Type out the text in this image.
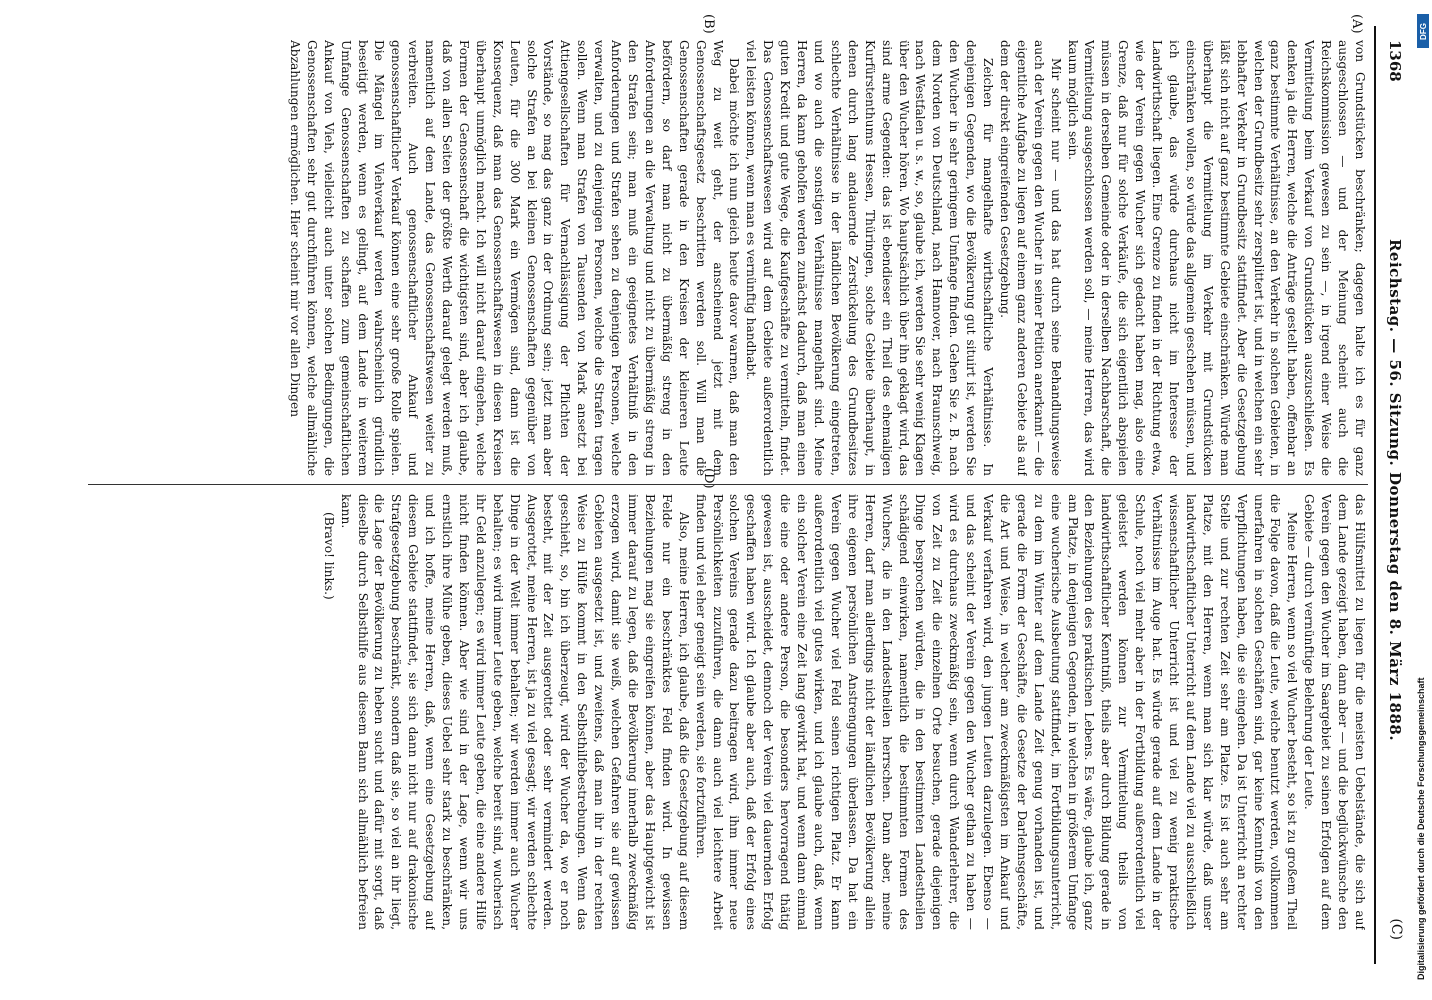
1368
Reichstag. — 56. Sitzung. Donnerstag den 8. März 1888.
(C)
(A)
(B)
(D)

von Grundstücken beschränken; dagegen halte ich es für ganz ausgeschlossen — und der Meinung scheint auch die Reichskommission gewesen zu sein —, in irgend einer Weise die Vermittelung beim Verkauf von Grundstücken auszuschließen. Es denken ja die Herren, welche die Anträge gestellt haben, offenbar an ganz bestimmte Verhältnisse, an den Verkehr in solchen Gebieten, in welchen der Grundbesitz sehr zersplittert ist, und in welchen ein sehr lebhafter Verkehr in Grundbesitz stattfindet. Aber die Gesetzgebung läßt sich nicht auf ganz bestimmte Gebiete einschränken. Würde man überhaupt die Vermittelung im Verkehr mit Grundstücken einschränken wollen, so würde das allgemein geschehen müssen, und ich glaube, das würde durchaus nicht im Interesse der Landwirthschaft liegen. Eine Grenze zu finden in der Richtung etwa, wie der Verein gegen Wucher sich gedacht haben mag, also eine Grenze, daß nur für solche Verkäufe, die sich eigentlich abspielen müssen in derselben Gemeinde oder in derselben Nachbarschaft, die Vermittelung ausgeschlossen werden soll, — meine Herren, das wird kaum möglich sein.

Mir scheint nur — und das hat durch seine Behandlungsweise auch der Verein gegen den Wucher in seiner Petition anerkannt — die eigentliche Aufgabe zu liegen auf einem ganz anderen Gebiete als auf dem der direkt eingreifenden Gesetzgebung.

Zeichen für mangelhafte wirthschaftliche Verhältnisse. In denjenigen Gegenden, wo die Bevölkerung gut situirt ist, werden Sie den Wucher in sehr geringem Umfange finden. Gehen Sie z. B. nach dem Norden von Deutschland, nach Hannover, nach Braunschweig, nach Westfalen u. s. w., so, glaube ich, werden Sie sehr wenig Klagen über den Wucher hören. Wo hauptsächlich über ihn geklagt wird, das sind arme Gegenden: das ist ebendieser ein Theil des ehemaligen Kurfürstenthums Hessen, Thüringen, solche Gebiete überhaupt, in denen durch lang andauernde Zerstückelung des Grundbesitzes schlechte Verhältnisse in der ländlichen Bevölkerung eingetreten, und wo auch die sonstigen Verhältnisse mangelhaft sind. Meine Herren, da kann geholfen werden zunächst dadurch, daß man einen guten Kredit und gute Wege, die Kaufgeschäfte zu vermitteln, findet. Das Genossenschaftswesen wird auf dem Gebiete außerordentlich viel leisten können, wenn man es vernünftig handhabt.

Dabei möchte ich nun gleich heute davor warnen, daß man den Weg zu weit geht, der anscheinend jetzt mit dem Genossenschaftsgesetz beschritten werden soll. Will man die Genossenschaften gerade in den Kreisen der kleineren Leute befördern, so darf man nicht zu übermäßig streng in den Anforderungen an die Verwaltung und nicht zu übermäßig streng in den Strafen sein; man muß ein geeignetes Verhältniß in den Anforderungen und Strafen sehen zu denjenigen Personen, welche verwalten, und zu denjenigen Personen, welche die Strafen tragen sollen. Wenn man Strafen von Tausenden von Mark ansetzt bei Attiengesellschaften für Vernachlässigung der Pflichten der Vorstände, so mag das ganz in der Ordnung sein; jetzt man aber solche Strafen an bei kleinen Genossenschaften gegenüber von Leuten, für die 300 Mark ein Vermögen sind, dann ist die Konsequenz, daß man das Genossenschaftswesen in diesen Kreisen überhaupt unmöglich macht. Ich will nicht darauf eingehen, welche Formen der Genossenschaft die wichtigsten sind, aber ich glaube, daß von allen Seiten der größte Werth darauf gelegt werden muß, namentlich auf dem Lande, das Genossenschaftswesen weiter zu verbreiten. Auch genossenschaftlicher Ankauf und genossenschaftlicher Verkauf können eine sehr große Rolle spielen. Die Mängel im Viehverkauf werden wahrscheinlich gründlich beseitigt werden, wenn es gelingt, auf dem Lande in weiterem Umfange Genossenschaften zu schaffen zum gemeinschaftlichen Ankauf von Vieh, vielleicht auch unter solchen Bedingungen, die Genossenschaften sehr gut durchführen können, welche allmähliche Abzahlungen ermöglichen. Hier scheint mir vor allen Dingen

das Hülfsmittel zu liegen für die meisten Uebelstände, die sich auf dem Lande gezeigt haben, dann aber — und die beglückwünsche den Verein gegen den Wucher im Saargebiet zu seinen Erfolgen auf dem Gebiete — durch vernünftige Belehrung der Leute.

Meine Herren, wenn so viel Wucher besteht, so ist zu großem Theil die Folge davon, daß die Leute, welche benutzt werden, vollkommen unerfahren in solchen Geschäften sind, gar keine Kenntniß von den Verpflichtungen haben, die sie eingehen. Da ist Unterricht an rechter Stelle und zur rechten Zeit sehr am Platze. Es ist auch sehr am Platze, mit den Herren, wenn man sich klar würde, daß unser landwirthschaftlicher Unterricht auf dem Lande viel zu ausschließlich wissenschaftlicher Unterricht ist und viel zu wenig praktische Verhältnisse im Auge hat. Es würde gerade auf dem Lande in der Schule, noch viel mehr aber in der Fortbildung außerordentlich viel geleistet werden können zur Vermittelung theils von landwirthschaftlicher Kenntniß, theils aber durch Bildung gerade in den Beziehungen des praktischen Lebens. Es wäre, glaube ich, ganz am Platze, in denjenigen Gegenden, in welchen in größerem Umfange eine wucherische Ausbeutung stattfindet, im Fortbildungsunterricht, zu dem im Winter auf dem Lande Zeit genug vorhanden ist, und gerade die Form der Geschäfte, die Gesetze der Darlehnsgeschäfte, die Art und Weise, in welcher am zweckmäßigsten im Ankauf und Verkauf verfahren wird, den jungen Leuten darzulegen. Ebenso — und das scheint der Verein gegen den Wucher gethan zu haben — wird es durchaus zweckmäßig sein, wenn durch Wanderlehrer, die von Zeit zu Zeit die einzelnen Orte besuchen, gerade diejenigen Dinge besprochen würden, die in den bestimmten Landestheilen schädigend einwirken, namentlich die bestimmten Formen des Wuchers, die in den Landestheilen herrschen. Dann aber, meine Herren, darf man allerdings nicht der ländlichen Bevölkerung allein ihre eigenen persönlichen Anstrengungen überlassen. Da hat ein Verein gegen Wucher viel Feld seinen richtigen Platz. Er kann außerordentlich viel gutes wirken, und ich glaube auch, daß, wenn ein solcher Verein eine Zeit lang gewirkt hat, und wenn dann einmal die eine oder andere Person, die besonders hervorragend thätig gewesen ist, ausscheidet, dennoch der Verein viel dauernden Erfolg geschaffen haben wird. Ich glaube aber auch, daß der Erfolg eines solchen Vereins gerade dazu beitragen wird, ihm immer neue Persönlichkeiten zuzuführen, die dann auch viel leichtere Arbeit finden und viel eher geneigt sein werden, sie fortzuführen.

Also, meine Herren, ich glaube, daß die Gesetzgebung auf diesem Felde nur ein beschränktes Feld finden wird. In gewissen Beziehungen mag sie eingreifen können, aber das Hauptgewicht ist immer darauf zu legen, daß die Bevölkerung innerhalb zweckmäßig erzogen wird, damit sie weiß, welchen Gefahren sie auf gewissen Gebieten ausgesetzt ist, und zweitens, daß man ihr in der rechten Weise zu Hülfe kommt in den Selbsthilfebestrebungen. Wenn das geschieht, so, bin ich überzeugt, wird der Wucher da, wo er noch besteht, mit der Zeit ausgerottet oder sehr vermindert werden. Ausgerottet, meine Herren, ist ja zu viel gesagt; wir werden schlechte Dinge in der Welt immer behalten; wir werden immer auch Wucher behalten; es wird immer Leute geben, welche bereit sind, wucherisch ihr Geld anzulegen; es wird immer Leute geben, die eine andere Hilfe nicht finden können. Aber wie sind in der Lage, wenn wir uns ernstlich ihre Mühe geben, dieses Uebel sehr stark zu beschränken, und ich hoffe, meine Herren, daß, wenn eine Gesetzgebung auf diesem Gebiete stattfindet, sie sich dann nicht nur auf drakonische Strafgesetzgebung beschränkt, sondern daß sie, so viel an ihr liegt, die Lage der Bevölkerung zu heben sucht und dafür mit sorgt, daß dieselbe durch Selbsthilfe aus diesem Bann sich allmählich befreien kann.

(Bravo! links.)

DFG
Digitalisierung gefördert durch die Deutsche Forschungsgemeinschaft
